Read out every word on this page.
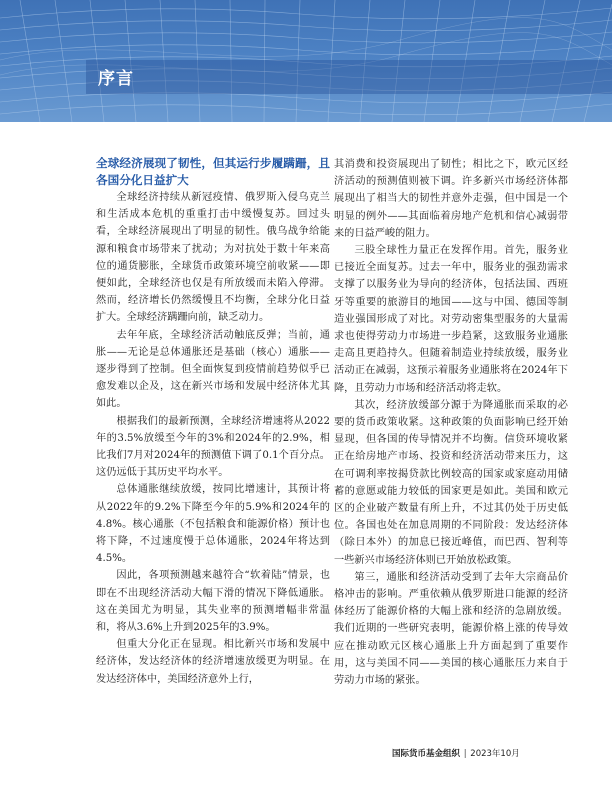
序言
全球经济展现了韧性，但其运行步履蹒跚，且各国分化日益扩大

全球经济持续从新冠疫情、俄罗斯入侵乌克兰和生活成本危机的重重打击中缓慢复苏。回过头看，全球经济展现出了明显的韧性。俄乌战争给能源和粮食市场带来了扰动；为对抗处于数十年来高位的通货膨胀，全球货币政策环境空前收紧——即便如此，全球经济也仅是有所放缓而未陷入停滞。然而，经济增长仍然缓慢且不均衡，全球分化日益扩大。全球经济蹒跚向前，缺乏动力。

去年年底，全球经济活动触底反弹；当前，通胀——无论是总体通胀还是基础（核心）通胀——逐步得到了控制。但全面恢复到疫情前趋势似乎已愈发难以企及，这在新兴市场和发展中经济体尤其如此。

根据我们的最新预测，全球经济增速将从2022年的3.5%放缓至今年的3%和2024年的2.9%，相比我们7月对2024年的预测值下调了0.1个百分点。这仍远低于其历史平均水平。

总体通胀继续放缓，按同比增速计，其预计将从2022年的9.2%下降至今年的5.9%和2024年的4.8%。核心通胀（不包括粮食和能源价格）预计也将下降，不过速度慢于总体通胀，2024年将达到4.5%。

因此，各项预测越来越符合“软着陆”情景，也即在不出现经济活动大幅下滑的情况下降低通胀。这在美国尤为明显，其失业率的预测增幅非常温和，将从3.6%上升到2025年的3.9%。

但重大分化正在显现。相比新兴市场和发展中经济体，发达经济体的经济增速放缓更为明显。在发达经济体中，美国经济意外上行，

其消费和投资展现出了韧性；相比之下，欧元区经济活动的预测值则被下调。许多新兴市场经济体都展现出了相当大的韧性并意外走强，但中国是一个明显的例外——其面临着房地产危机和信心减弱带来的日益严峻的阻力。

三股全球性力量正在发挥作用。首先，服务业已接近全面复苏。过去一年中，服务业的强劲需求支撑了以服务业为导向的经济体，包括法国、西班牙等重要的旅游目的地国——这与中国、德国等制造业强国形成了对比。对劳动密集型服务的大量需求也使得劳动力市场进一步趋紧，这致服务业通胀走高且更趋持久。但随着制造业持续放缓，服务业活动正在减弱，这预示着服务业通胀将在2024年下降，且劳动力市场和经济活动将走软。

其次，经济放缓部分源于为降通胀而采取的必要的货币政策收紧。这种政策的负面影响已经开始显现，但各国的传导情况并不均衡。信贷环境收紧正在给房地产市场、投资和经济活动带来压力，这在可调利率按揭贷款比例较高的国家或家庭动用储蓄的意愿或能力较低的国家更是如此。美国和欧元区的企业破产数量有所上升，不过其仍处于历史低位。各国也处在加息周期的不同阶段：发达经济体（除日本外）的加息已接近峰值，而巴西、智利等一些新兴市场经济体则已开始放松政策。

第三，通胀和经济活动受到了去年大宗商品价格冲击的影响。严重依赖从俄罗斯进口能源的经济体经历了能源价格的大幅上涨和经济的急剧放缓。我们近期的一些研究表明，能源价格上涨的传导效应在推动欧元区核心通胀上升方面起到了重要作用，这与美国不同——美国的核心通胀压力来自于劳动力市场的紧张。

国际货币基金组织 | 2023年10月
